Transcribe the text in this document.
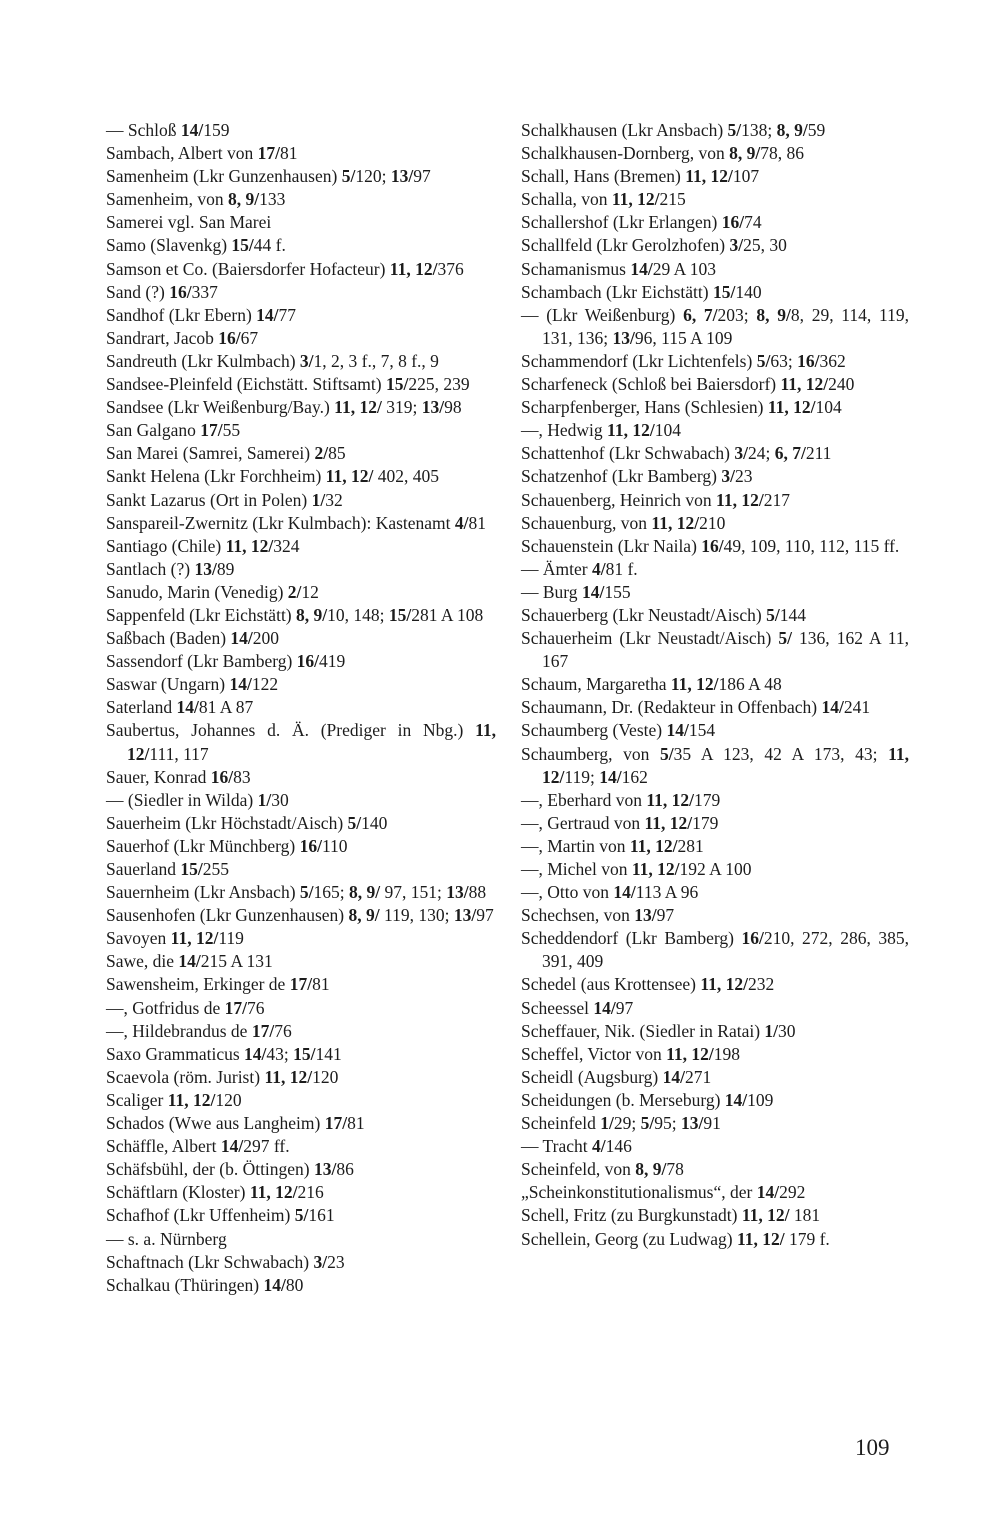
— Schloß 14/159
Sambach, Albert von 17/81
Samenheim (Lkr Gunzenhausen) 5/120; 13/97
Samenheim, von 8, 9/133
Samerei vgl. San Marei
Samo (Slavenkg) 15/44 f.
Samson et Co. (Baiersdorfer Hofacteur) 11, 12/376
Sand (?) 16/337
Sandhof (Lkr Ebern) 14/77
Sandrart, Jacob 16/67
Sandreuth (Lkr Kulmbach) 3/1, 2, 3 f., 7, 8 f., 9
Sandsee-Pleinfeld (Eichstätt. Stiftsamt) 15/225, 239
Sandsee (Lkr Weißenburg/Bay.) 11, 12/ 319; 13/98
San Galgano 17/55
San Marei (Samrei, Samerei) 2/85
Sankt Helena (Lkr Forchheim) 11, 12/ 402, 405
Sankt Lazarus (Ort in Polen) 1/32
Sanspareil-Zwernitz (Lkr Kulmbach): Kastenamt 4/81
Santiago (Chile) 11, 12/324
Santlach (?) 13/89
Sanudo, Marin (Venedig) 2/12
Sappenfeld (Lkr Eichstätt) 8, 9/10, 148; 15/281 A 108
Saßbach (Baden) 14/200
Sassendorf (Lkr Bamberg) 16/419
Saswar (Ungarn) 14/122
Saterland 14/81 A 87
Saubertus, Johannes d. Ä. (Prediger in Nbg.) 11, 12/111, 117
Sauer, Konrad 16/83
— (Siedler in Wilda) 1/30
Sauerheim (Lkr Höchstadt/Aisch) 5/140
Sauerhof (Lkr Münchberg) 16/110
Sauerland 15/255
Sauernheim (Lkr Ansbach) 5/165; 8, 9/ 97, 151; 13/88
Sausenhofen (Lkr Gunzenhausen) 8, 9/ 119, 130; 13/97
Savoyen 11, 12/119
Sawe, die 14/215 A 131
Sawensheim, Erkinger de 17/81
—, Gotfridus de 17/76
—, Hildebrandus de 17/76
Saxo Grammaticus 14/43; 15/141
Scaevola (röm. Jurist) 11, 12/120
Scaliger 11, 12/120
Schados (Wwe aus Langheim) 17/81
Schäffle, Albert 14/297 ff.
Schäfsbühl, der (b. Öttingen) 13/86
Schäftlarn (Kloster) 11, 12/216
Schafhof (Lkr Uffenheim) 5/161
— s. a. Nürnberg
Schaftnach (Lkr Schwabach) 3/23
Schalkau (Thüringen) 14/80
Schalkhausen (Lkr Ansbach) 5/138; 8, 9/59
Schalkhausen-Dornberg, von 8, 9/78, 86
Schall, Hans (Bremen) 11, 12/107
Schalla, von 11, 12/215
Schallershof (Lkr Erlangen) 16/74
Schallfeld (Lkr Gerolzhofen) 3/25, 30
Schamanismus 14/29 A 103
Schambach (Lkr Eichstätt) 15/140
— (Lkr Weißenburg) 6, 7/203; 8, 9/8, 29, 114, 119, 131, 136; 13/96, 115 A 109
Schammendorf (Lkr Lichtenfels) 5/63; 16/362
Scharfeneck (Schloß bei Baiersdorf) 11, 12/240
Scharpfenberger, Hans (Schlesien) 11, 12/104
—, Hedwig 11, 12/104
Schattenhof (Lkr Schwabach) 3/24; 6, 7/211
Schatzenhof (Lkr Bamberg) 3/23
Schauenberg, Heinrich von 11, 12/217
Schauenburg, von 11, 12/210
Schauenstein (Lkr Naila) 16/49, 109, 110, 112, 115 ff.
— Ämter 4/81 f.
— Burg 14/155
Schauerberg (Lkr Neustadt/Aisch) 5/144
Schauerheim (Lkr Neustadt/Aisch) 5/ 136, 162 A 11, 167
Schaum, Margaretha 11, 12/186 A 48
Schaumann, Dr. (Redakteur in Offenbach) 14/241
Schaumberg (Veste) 14/154
Schaumberg, von 5/35 A 123, 42 A 173, 43; 11, 12/119; 14/162
—, Eberhard von 11, 12/179
—, Gertraud von 11, 12/179
—, Martin von 11, 12/281
—, Michel von 11, 12/192 A 100
—, Otto von 14/113 A 96
Schechsen, von 13/97
Scheddendorf (Lkr Bamberg) 16/210, 272, 286, 385, 391, 409
Schedel (aus Krottensee) 11, 12/232
Scheessel 14/97
Scheffauer, Nik. (Siedler in Ratai) 1/30
Scheffel, Victor von 11, 12/198
Scheidl (Augsburg) 14/271
Scheidungen (b. Merseburg) 14/109
Scheinfeld 1/29; 5/95; 13/91
— Tracht 4/146
Scheinfeld, von 8, 9/78
„Scheinkonstitutionalismus“, der 14/292
Schell, Fritz (zu Burgkunstadt) 11, 12/ 181
Schellein, Georg (zu Ludwag) 11, 12/ 179 f.
109
